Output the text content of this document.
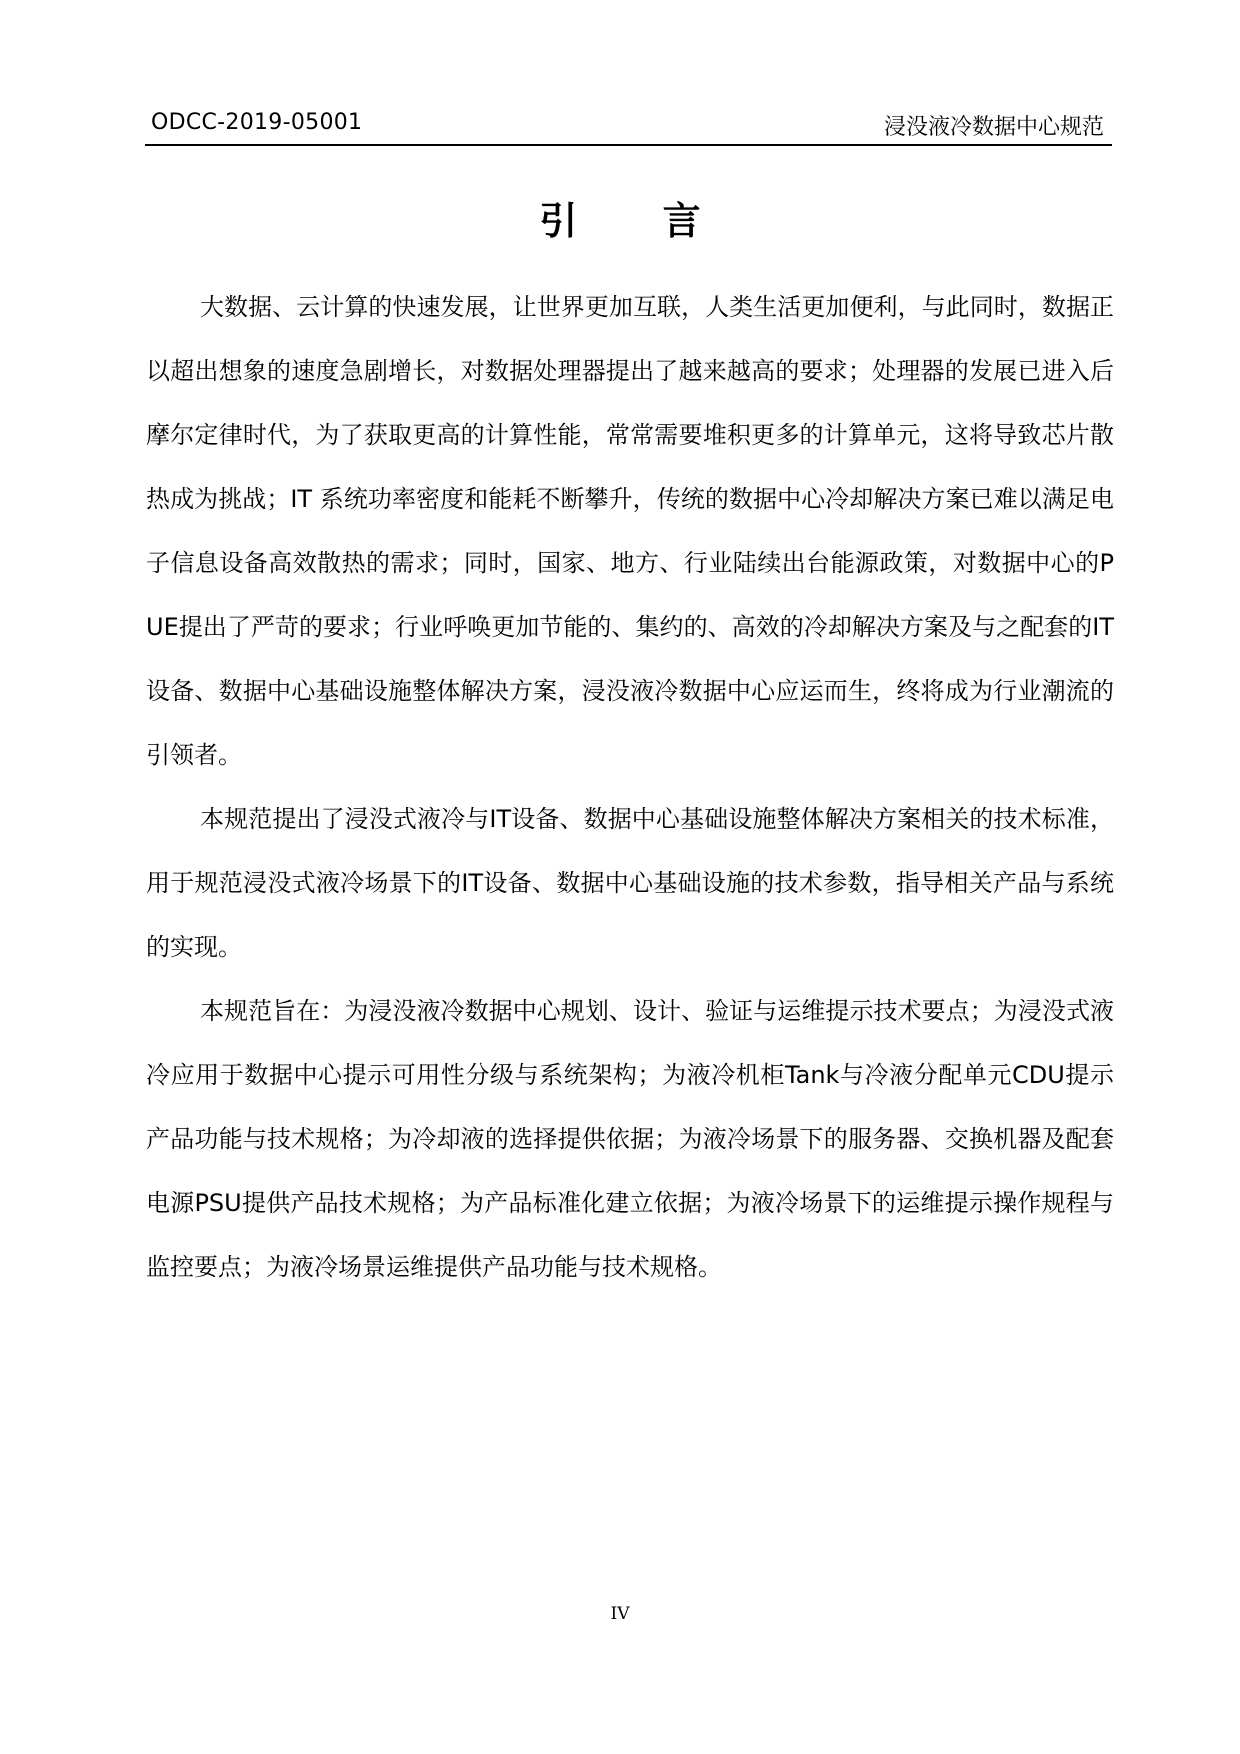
ODCC-2019-05001	浸没液冷数据中心规范
引 言

大数据、云计算的快速发展，让世界更加互联，人类生活更加便利，与此同时，数据正以超出想象的速度急剧增长，对数据处理器提出了越来越高的要求；处理器的发展已进入后摩尔定律时代，为了获取更高的计算性能，常常需要堆积更多的计算单元，这将导致芯片散热成为挑战；IT 系统功率密度和能耗不断攀升，传统的数据中心冷却解决方案已难以满足电子信息设备高效散热的需求；同时，国家、地方、行业陆续出台能源政策，对数据中心的PUE提出了严苛的要求；行业呼唤更加节能的、集约的、高效的冷却解决方案及与之配套的IT设备、数据中心基础设施整体解决方案，浸没液冷数据中心应运而生，终将成为行业潮流的引领者。

本规范提出了浸没式液冷与IT设备、数据中心基础设施整体解决方案相关的技术标准，用于规范浸没式液冷场景下的IT设备、数据中心基础设施的技术参数，指导相关产品与系统的实现。

本规范旨在：为浸没液冷数据中心规划、设计、验证与运维提示技术要点；为浸没式液冷应用于数据中心提示可用性分级与系统架构；为液冷机柜Tank与冷液分配单元CDU提示产品功能与技术规格；为冷却液的选择提供依据；为液冷场景下的服务器、交换机器及配套电源PSU提供产品技术规格；为产品标准化建立依据；为液冷场景下的运维提示操作规程与监控要点；为液冷场景运维提供产品功能与技术规格。

IV
